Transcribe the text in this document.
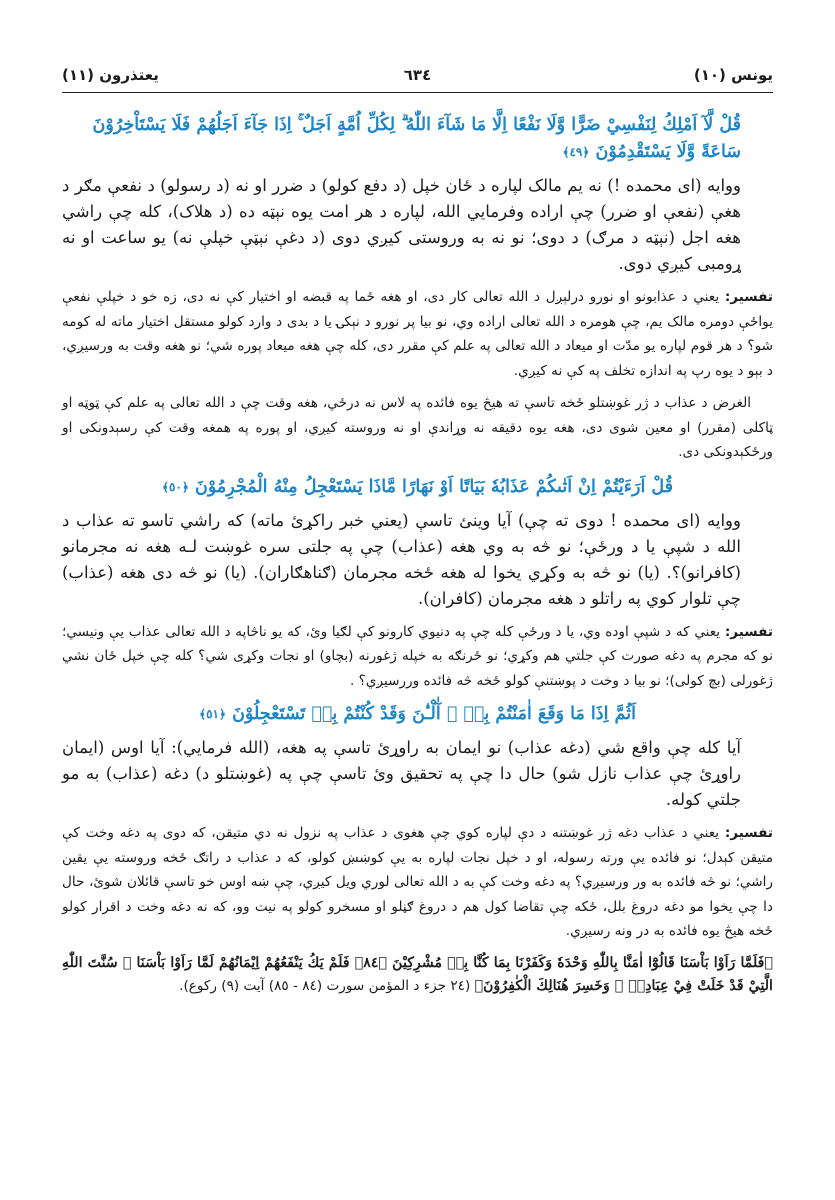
يونس (١٠)
٦٣٤
يعتذرون (١١)
قُلْ لَّآ اَمْلِكُ لِنَفْسِيْ ضَرًّا وَّلَا نَفْعًا اِلَّا مَا شَآءَ اللّٰهُ ۗ لِكُلِّ اُمَّةٍ اَجَلٌ ۚ اِذَا جَآءَ اَجَلُهُمْ فَلَا يَسْتَاْخِرُوْنَ سَاعَةً وَّلَا يَسْتَقْدِمُوْنَ ﴿٤٩﴾
ووايه (اى محمده !) نه يم مالک لپاره د ځان خپل (د دفع کولو) د ضرر او نه (د رسولو) د نفعې مګر د هغې (نفعې او ضرر) چې اراده وفرمايي الله، لپاره د هر امت يوه نېټه ده (د هلاک)، کله چې راشي هغه اجل (نېټه د مرګ) د دوی؛ نو نه به وروستى کيږي دوی (د دغې نېټې خپلې نه) يو ساعت او نه ړومبى کيږي دوی.
تفسير: يعني د عذابونو او نورو درلېږل د الله تعالى کار دى، او هغه ځما په قبضه او اختيار کې نه دى، زه خو د خپلې نفعې يواځې دومره مالک يم، چې هومره د الله تعالى اراده وي، نو بيا پر نورو د نېکۍ يا د بدى د وارد کولو مستقل اختيار ماته له کومه شو؟ د هر قوم لپاره يو مدّت او ميعاد د الله تعالى په علم کې مقرر دى، کله چې هغه ميعاد پوره شي؛ نو هغه وقت به ورسيږي، د بېو د يوه رپ په اندازه تخلف په کې نه کيږي.
الغرض د عذاب د ژر غوښتلو ځخه تاسې ته هيڅ يوه فائده په لاس نه درځي، هغه وقت چې د الله تعالى په علم کې ټوټه او ټاکلى (مقرر) او معين شوى دى، هغه يوه دقيقه نه وړاندې او نه وروسته کيږي، او پوره په همغه وقت کې رسېدونکى او ورځکېدونکى دى.
قُلْ اَرَءَيْتُمْ اِنْ اَتٰىكُمْ عَذَابُهٗ بَيَاتًا اَوْ نَهَارًا مَّاذَا يَسْتَعْجِلُ مِنْهُ الْمُجْرِمُوْنَ ﴿٥٠﴾
ووايه (اى محمده ! دوى ته چې) آيا وينئ تاسې (يعني خبر راکړئ ماته) که راشي تاسو ته عذاب د الله د شپې يا د ورځې؛ نو څه به وي هغه (عذاب) چې په جلتى سره غوښت لـه هغه نه مجرمانو (کافرانو)؟. (يا) نو څه به وکړي يخوا له هغه ځخه مجرمان (ګناهګاران). (يا) نو څه دى هغه (عذاب) چې تلوار کوي په راتلو د هغه مجرمان (کافران).
تفسير: يعني که د شپې اوده وي، يا د ورځې کله چې په دنيوي کارونو کې لګيا وئ، که يو ناڅاپه د الله تعالى عذاب يې ونيسي؛ نو که مجرم په دغه صورت کې جلتي هم وکړي؛ نو ځرنګه به خپله ژغورنه (بچاو) او نجات وکړى شي؟ کله چې خپل ځان نشي ژغورلى (بچ کولى)؛ نو بيا د وخت د پوښتنې کولو ځخه څه فائده وررسيږي؟ .
اَثُمَّ اِذَا مَا وَقَعَ اٰمَنْتُمْ بِهٖ ۗ آٰلْـٰٔنَ وَقَدْ كُنْتُمْ بِهٖ تَسْتَعْجِلُوْنَ ﴿٥١﴾
آيا کله چې واقع شي (دغه عذاب) نو ايمان به راوړئ تاسې په هغه، (الله فرمايي): آيا اوس (ايمان راوړئ چې عذاب نازل شو) حال دا چې په تحقيق وئ تاسې چې په (غوښتلو د) دغه (عذاب) به مو جلتي کوله.
تفسير: يعني د عذاب دغه ژر غوښتنه د دې لپاره کوي چې هغوى د عذاب په نزول نه دي متيقن، که دوى په دغه وخت کې متيقن کېدل؛ نو فائده يې ورته رسوله، او د خپل نجات لپاره به يې کوښښ کولو، که د عذاب د راتګ ځخه وروسته يې يقين راشي؛ نو څه فائده به ور ورسيږي؟ په دغه وخت کې به د الله تعالى لوري ويل کيږي، چې ښه اوس خو تاسې قائلان شوئ، حال دا چې يخوا مو دغه دروغ بلل، ځکه چې تقاضا کول هم د دروغ ګڼلو او مسخرو کولو په نيت وو، که نه دغه وخت د اقرار کولو ځخه هيڅ يوه فائده به در ونه رسيږي.
﴿فَلَمَّا رَاَوْا بَاْسَنَا قَالُوْٓا اٰمَنَّا بِاللّٰهِ وَحْدَهٗ وَكَفَرْنَا بِمَا كُنَّا بِهٖ مُشْرِكِيْنَ ﴿٨٤﴾ فَلَمْ يَكُ يَنْفَعُهُمْ اِيْمَانُهُمْ لَمَّا رَاَوْا بَاْسَنَا ۗ سُنَّتَ اللّٰهِ الَّتِيْ قَدْ خَلَتْ فِيْ عِبَادِهٖ ۚ وَخَسِرَ هُنَالِكَ الْكٰفِرُوْنَ﴾ (٢٤ جزء د المؤمن سورت (٨٤ - ٨٥) آيت (٩) رکوع).
